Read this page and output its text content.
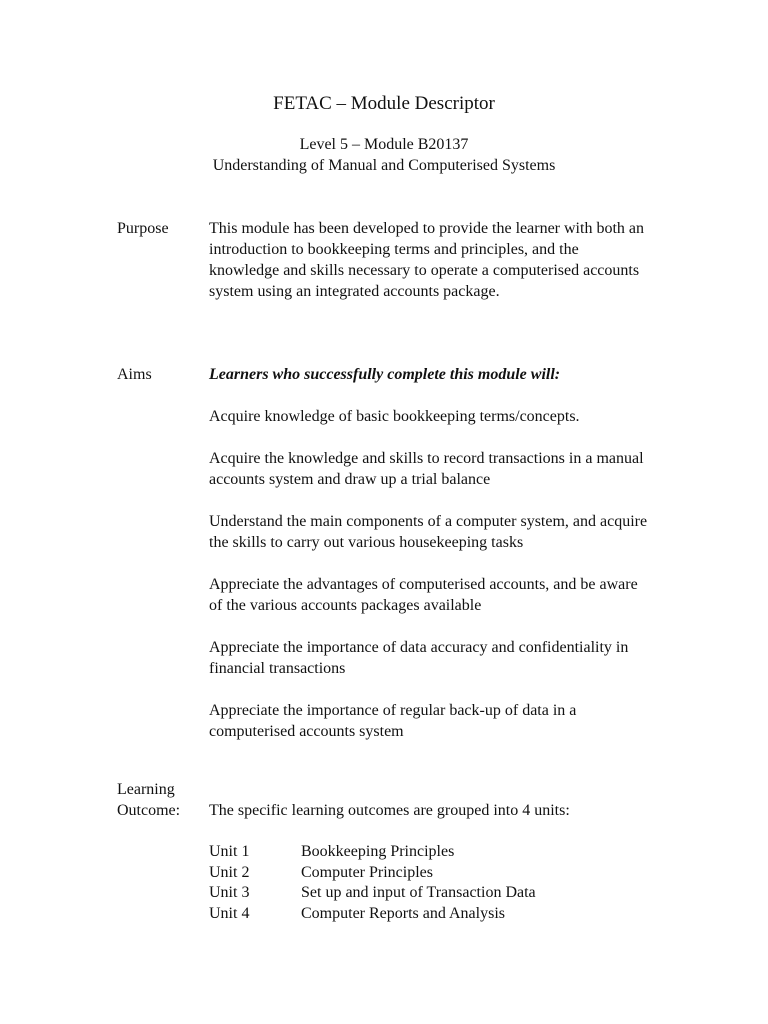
FETAC – Module Descriptor

Level 5 – Module B20137

Understanding of Manual and Computerised Systems

Purpose	This module has been developed to provide the learner with both an introduction to bookkeeping terms and principles, and the knowledge and skills necessary to operate a computerised accounts system using an integrated accounts package.

Aims	Learners who successfully complete this module will:

Acquire knowledge of basic bookkeeping terms/concepts.
Acquire the knowledge and skills to record transactions in a manual accounts system and draw up a trial balance
Understand the main components of a computer system, and acquire the skills to carry out various housekeeping tasks
Appreciate the advantages of computerised accounts, and be aware of the various accounts packages available
Appreciate the importance of data accuracy and confidentiality in financial transactions
Appreciate the importance of regular back-up of data in a computerised accounts system
Learning
Outcome: The specific learning outcomes are grouped into 4 units:
Unit 1	Bookkeeping Principles
Unit 2	Computer Principles
Unit 3	Set up and input of Transaction Data
Unit 4	Computer Reports and Analysis
